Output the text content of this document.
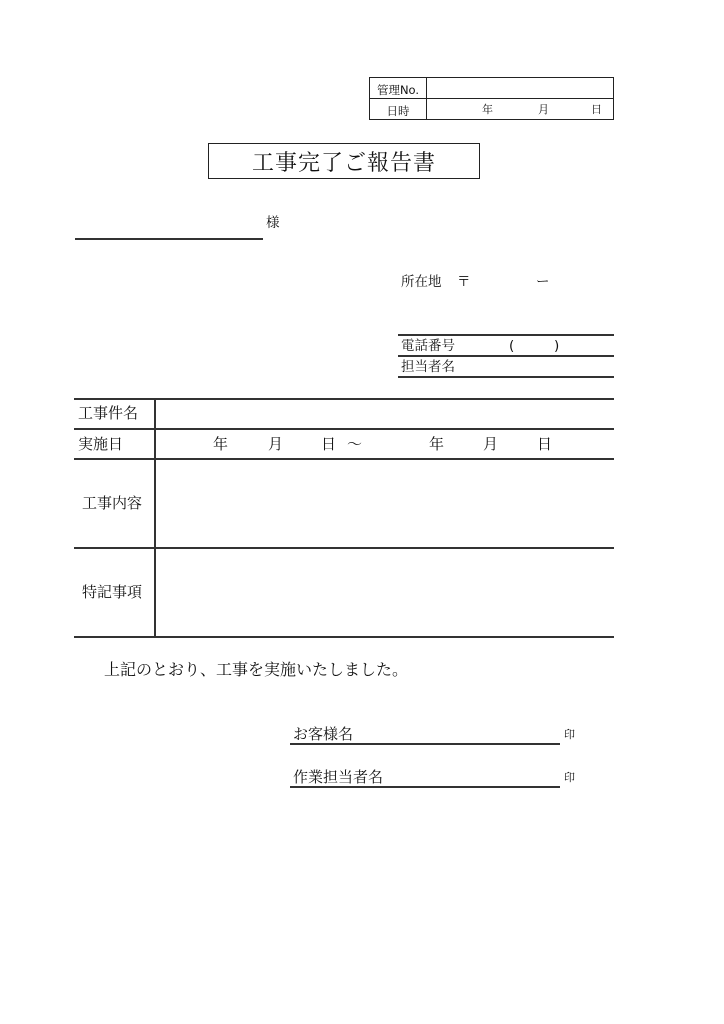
管理No.
日時	年	月	日
工事完了ご報告書
様
所在地 〒	ー
電話番号	(	)
担当者名
工事件名
実施日	年	月	日 ～	年	月	日
工事内容
特記事項
上記のとおり、工事を実施いたしました。
お客様名	印
作業担当者名	印
